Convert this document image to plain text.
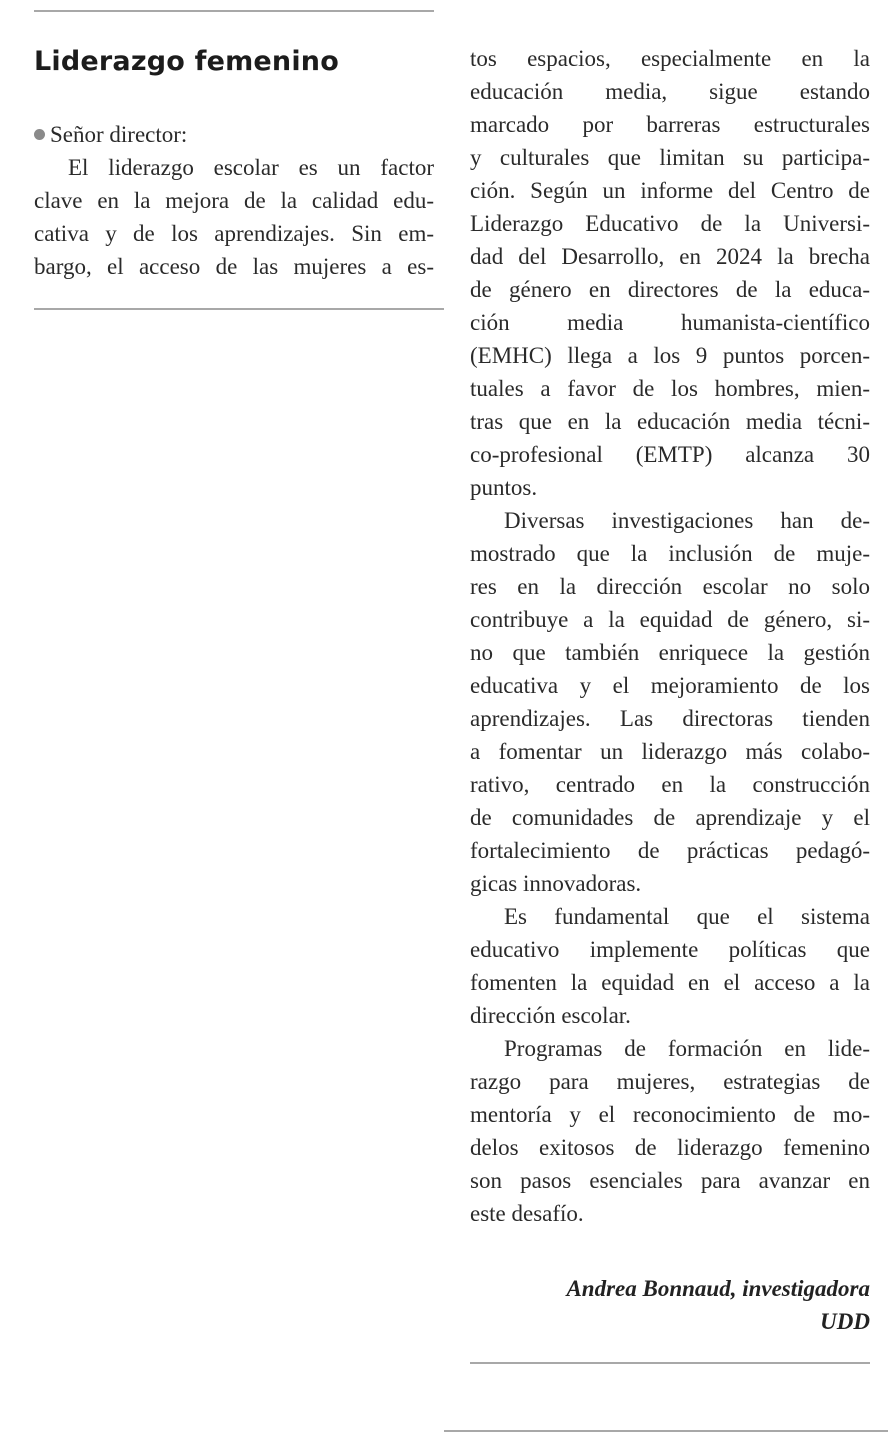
Liderazgo femenino
Señor director:
El liderazgo escolar es un factor
clave en la mejora de la calidad edu-
cativa y de los aprendizajes. Sin em-
bargo, el acceso de las mujeres a es-
tos espacios, especialmente en la
educación media, sigue estando
marcado por barreras estructurales
y culturales que limitan su participa-
ción. Según un informe del Centro de
Liderazgo Educativo de la Universi-
dad del Desarrollo, en 2024 la brecha
de género en directores de la educa-
ción media humanista-científico
(EMHC) llega a los 9 puntos porcen-
tuales a favor de los hombres, mien-
tras que en la educación media técni-
co-profesional (EMTP) alcanza 30
puntos.
Diversas investigaciones han de-
mostrado que la inclusión de muje-
res en la dirección escolar no solo
contribuye a la equidad de género, si-
no que también enriquece la gestión
educativa y el mejoramiento de los
aprendizajes. Las directoras tienden
a fomentar un liderazgo más colabo-
rativo, centrado en la construcción
de comunidades de aprendizaje y el
fortalecimiento de prácticas pedagó-
gicas innovadoras.
Es fundamental que el sistema
educativo implemente políticas que
fomenten la equidad en el acceso a la
dirección escolar.
Programas de formación en lide-
razgo para mujeres, estrategias de
mentoría y el reconocimiento de mo-
delos exitosos de liderazgo femenino
son pasos esenciales para avanzar en
este desafío.
Andrea Bonnaud, investigadora
UDD
